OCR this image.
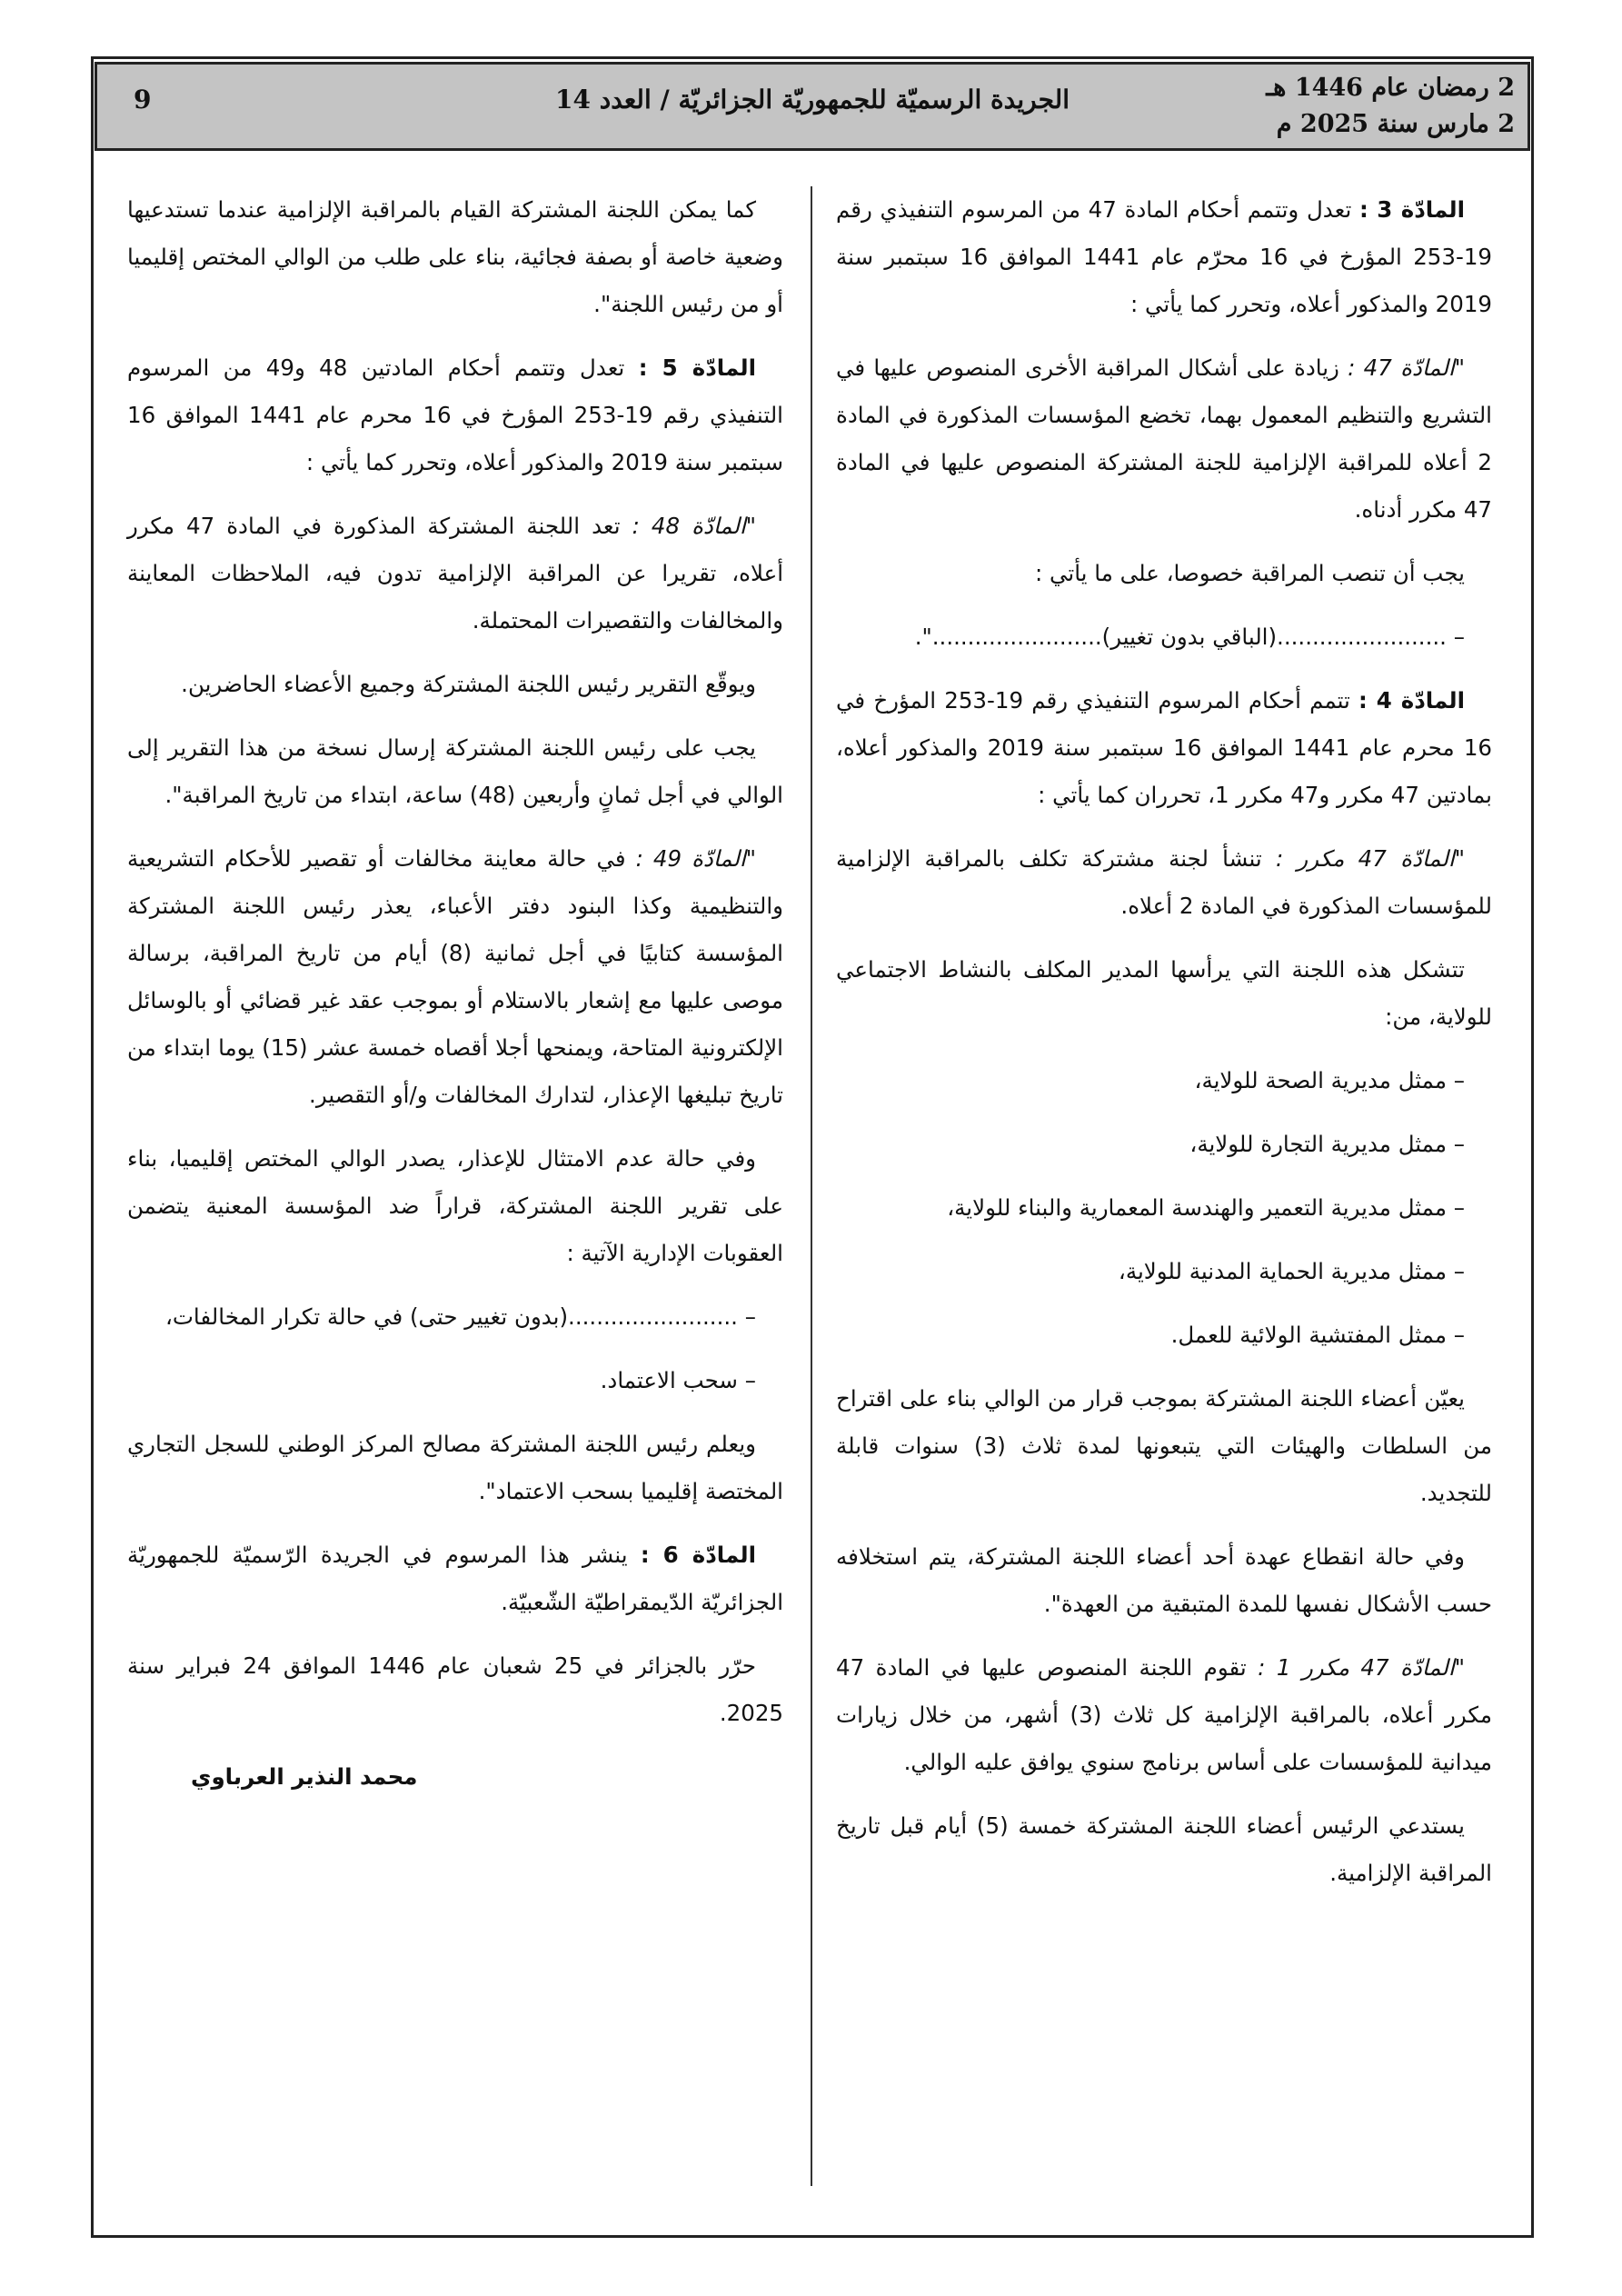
2 رمضان عام 1446 هـ
2 مارس سنة 2025 م
الجريدة الرسميّة للجمهوريّة الجزائريّة / العدد 14
9

المادّة 3 : تعدل وتتمم أحكام المادة 47 من المرسوم التنفيذي رقم 19-253 المؤرخ في 16 محرّم عام 1441 الموافق 16 سبتمبر سنة 2019 والمذكور أعلاه، وتحرر كما يأتي :

"المادّة 47 : زيادة على أشكال المراقبة الأخرى المنصوص عليها في التشريع والتنظيم المعمول بهما، تخضع المؤسسات المذكورة في المادة 2 أعلاه للمراقبة الإلزامية للجنة المشتركة المنصوص عليها في المادة 47 مكرر أدناه.

يجب أن تنصب المراقبة خصوصا، على ما يأتي :

– ........................(الباقي بدون تغيير)........................".

المادّة 4 : تتمم أحكام المرسوم التنفيذي رقم 19-253 المؤرخ في 16 محرم عام 1441 الموافق 16 سبتمبر سنة 2019 والمذكور أعلاه، بمادتين 47 مكرر و47 مكرر 1، تحرران كما يأتي :

"المادّة 47 مكرر : تنشأ لجنة مشتركة تكلف بالمراقبة الإلزامية للمؤسسات المذكورة في المادة 2 أعلاه.

تتشكل هذه اللجنة التي يرأسها المدير المكلف بالنشاط الاجتماعي للولاية، من:

– ممثل مديرية الصحة للولاية،

– ممثل مديرية التجارة للولاية،

– ممثل مديرية التعمير والهندسة المعمارية والبناء للولاية،

– ممثل مديرية الحماية المدنية للولاية،

– ممثل المفتشية الولائية للعمل.

يعيّن أعضاء اللجنة المشتركة بموجب قرار من الوالي بناء على اقتراح من السلطات والهيئات التي يتبعونها لمدة ثلاث (3) سنوات قابلة للتجديد.

وفي حالة انقطاع عهدة أحد أعضاء اللجنة المشتركة، يتم استخلافه حسب الأشكال نفسها للمدة المتبقية من العهدة".

"المادّة 47 مكرر 1 : تقوم اللجنة المنصوص عليها في المادة 47 مكرر أعلاه، بالمراقبة الإلزامية كل ثلاث (3) أشهر، من خلال زيارات ميدانية للمؤسسات على أساس برنامج سنوي يوافق عليه الوالي.

يستدعي الرئيس أعضاء اللجنة المشتركة خمسة (5) أيام قبل تاريخ المراقبة الإلزامية.

كما يمكن اللجنة المشتركة القيام بالمراقبة الإلزامية عندما تستدعيها وضعية خاصة أو بصفة فجائية، بناء على طلب من الوالي المختص إقليميا أو من رئيس اللجنة".

المادّة 5 : تعدل وتتمم أحكام المادتين 48 و49 من المرسوم التنفيذي رقم 19-253 المؤرخ في 16 محرم عام 1441 الموافق 16 سبتمبر سنة 2019 والمذكور أعلاه، وتحرر كما يأتي :

"المادّة 48 : تعد اللجنة المشتركة المذكورة في المادة 47 مكرر أعلاه، تقريرا عن المراقبة الإلزامية تدون فيه، الملاحظات المعاينة والمخالفات والتقصيرات المحتملة.

ويوقّع التقرير رئيس اللجنة المشتركة وجميع الأعضاء الحاضرين.

يجب على رئيس اللجنة المشتركة إرسال نسخة من هذا التقرير إلى الوالي في أجل ثمانٍ وأربعين (48) ساعة، ابتداء من تاريخ المراقبة".

"المادّة 49 : في حالة معاينة مخالفات أو تقصير للأحكام التشريعية والتنظيمية وكذا البنود دفتر الأعباء، يعذر رئيس اللجنة المشتركة المؤسسة كتابيًا في أجل ثمانية (8) أيام من تاريخ المراقبة، برسالة موصى عليها مع إشعار بالاستلام أو بموجب عقد غير قضائي أو بالوسائل الإلكترونية المتاحة، ويمنحها أجلا أقصاه خمسة عشر (15) يوما ابتداء من تاريخ تبليغها الإعذار، لتدارك المخالفات و/أو التقصير.

وفي حالة عدم الامتثال للإعذار، يصدر الوالي المختص إقليميا، بناء على تقرير اللجنة المشتركة، قراراً ضد المؤسسة المعنية يتضمن العقوبات الإدارية الآتية :

– ........................(بدون تغيير حتى) في حالة تكرار المخالفات،

– سحب الاعتماد.

ويعلم رئيس اللجنة المشتركة مصالح المركز الوطني للسجل التجاري المختصة إقليميا بسحب الاعتماد".

المادّة 6 : ينشر هذا المرسوم في الجريدة الرّسميّة للجمهوريّة الجزائريّة الدّيمقراطيّة الشّعبيّة.

حرّر بالجزائر في 25 شعبان عام 1446 الموافق 24 فبراير سنة 2025.

محمد النذير العرباوي
